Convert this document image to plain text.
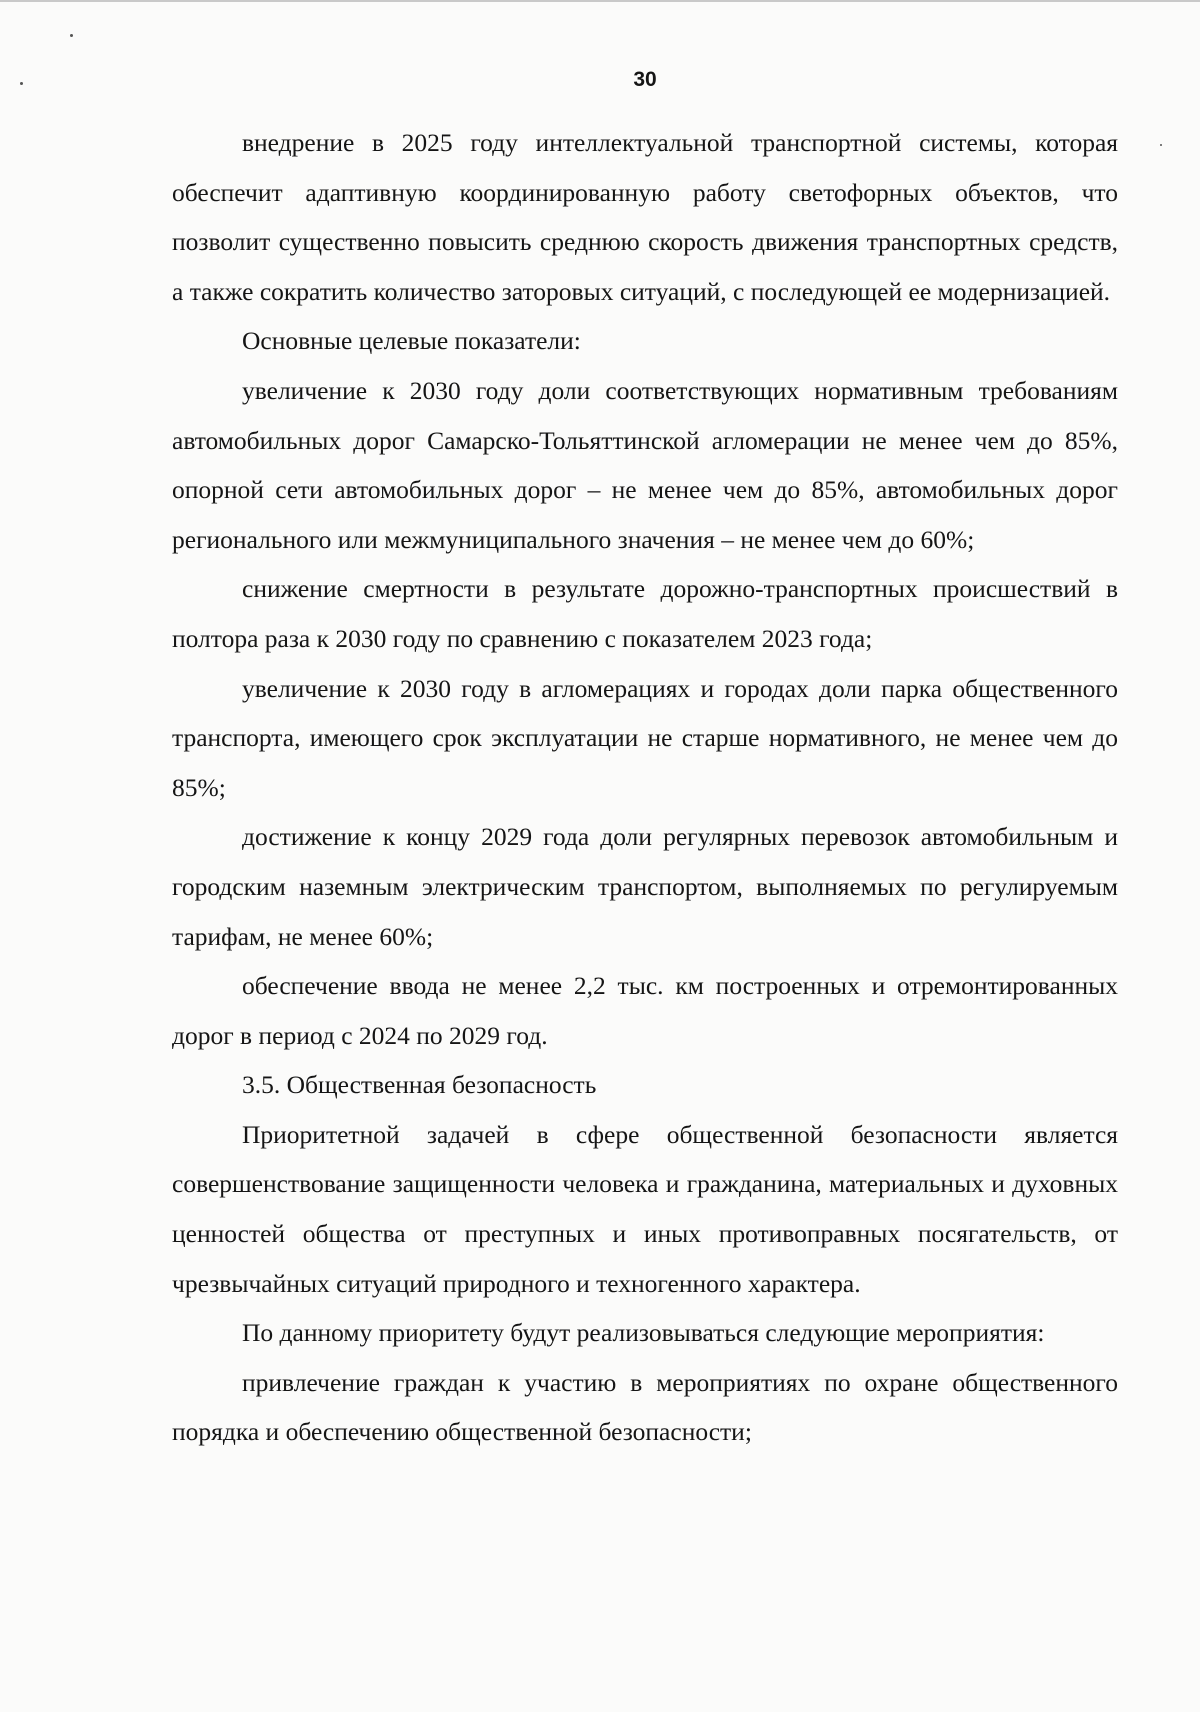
30

внедрение в 2025 году интеллектуальной транспортной системы, которая обеспечит адаптивную координированную работу светофорных объектов, что позволит существенно повысить среднюю скорость движения транспортных средств, а также сократить количество заторовых ситуаций, с последующей ее модернизацией.

Основные целевые показатели:

увеличение к 2030 году доли соответствующих нормативным требованиям автомобильных дорог Самарско-Тольяттинской агломерации не менее чем до 85%, опорной сети автомобильных дорог – не менее чем до 85%, автомобильных дорог регионального или межмуниципального значения – не менее чем до 60%;

снижение смертности в результате дорожно-транспортных происшествий в полтора раза к 2030 году по сравнению с показателем 2023 года;

увеличение к 2030 году в агломерациях и городах доли парка общественного транспорта, имеющего срок эксплуатации не старше нормативного, не менее чем до 85%;

достижение к концу 2029 года доли регулярных перевозок автомобильным и городским наземным электрическим транспортом, выполняемых по регулируемым тарифам, не менее 60%;

обеспечение ввода не менее 2,2 тыс. км построенных и отремонтированных дорог в период с 2024 по 2029 год.

3.5. Общественная безопасность

Приоритетной задачей в сфере общественной безопасности является совершенствование защищенности человека и гражданина, материальных и духовных ценностей общества от преступных и иных противоправных посягательств, от чрезвычайных ситуаций природного и техногенного характера.

По данному приоритету будут реализовываться следующие мероприятия:

привлечение граждан к участию в мероприятиях по охране общественного порядка и обеспечению общественной безопасности;
